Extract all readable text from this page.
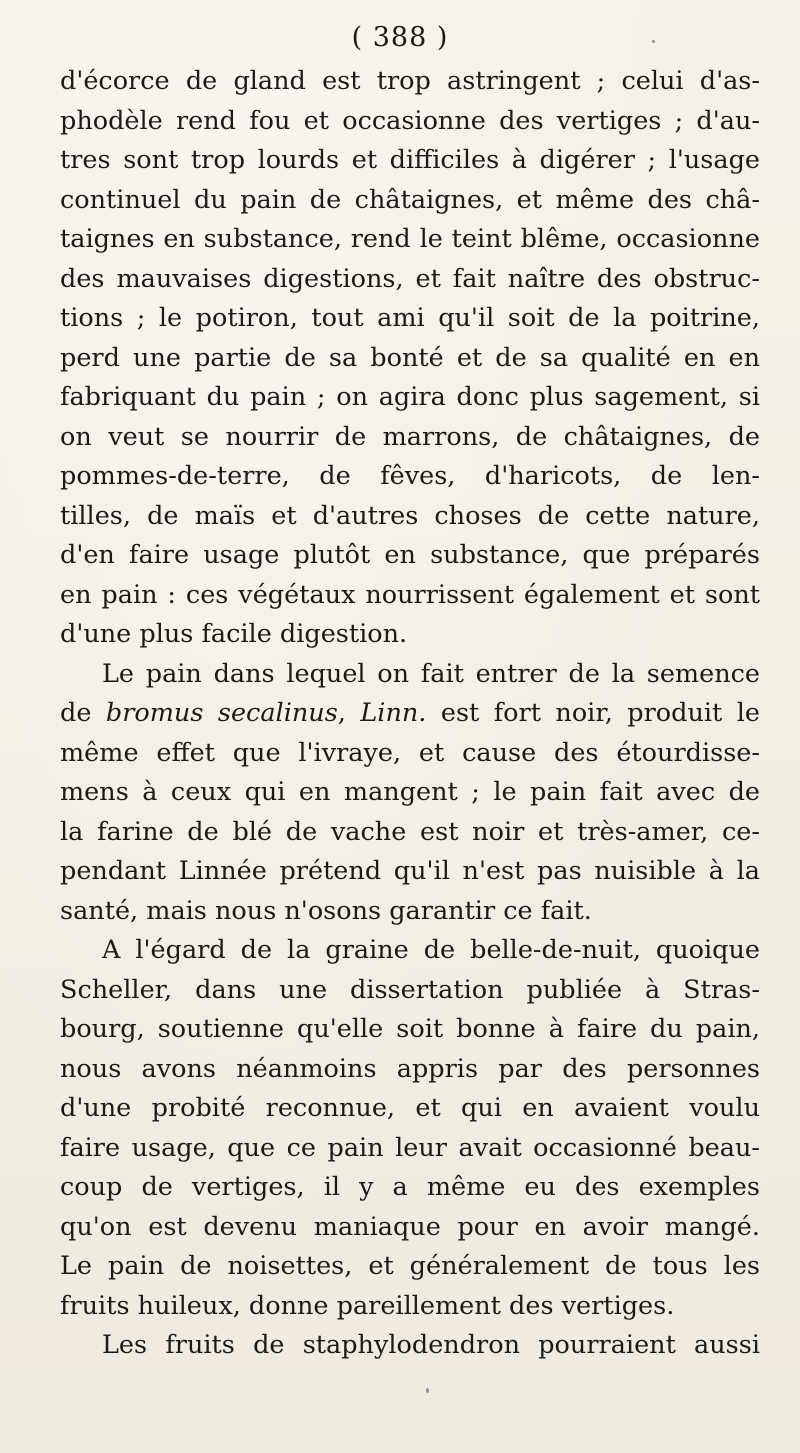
( 388 )
d'écorce de gland est trop astringent ; celui d'as-
phodèle rend fou et occasionne des vertiges ; d'au-
tres sont trop lourds et difficiles à digérer ; l'usage
continuel du pain de châtaignes, et même des châ-
taignes en substance, rend le teint blême, occasionne
des mauvaises digestions, et fait naître des obstruc-
tions ; le potiron, tout ami qu'il soit de la poitrine,
perd une partie de sa bonté et de sa qualité en en
fabriquant du pain ; on agira donc plus sagement, si
on veut se nourrir de marrons, de châtaignes, de
pommes-de-terre, de fêves, d'haricots, de len-
tilles, de maïs et d'autres choses de cette nature,
d'en faire usage plutôt en substance, que préparés
en pain : ces végétaux nourrissent également et sont
d'une plus facile digestion.
Le pain dans lequel on fait entrer de la semence
de bromus secalinus, Linn. est fort noir, produit le
même effet que l'ivraye, et cause des étourdisse-
mens à ceux qui en mangent ; le pain fait avec de
la farine de blé de vache est noir et très-amer, ce-
pendant Linnée prétend qu'il n'est pas nuisible à la
santé, mais nous n'osons garantir ce fait.
A l'égard de la graine de belle-de-nuit, quoique
Scheller, dans une dissertation publiée à Stras-
bourg, soutienne qu'elle soit bonne à faire du pain,
nous avons néanmoins appris par des personnes
d'une probité reconnue, et qui en avaient voulu
faire usage, que ce pain leur avait occasionné beau-
coup de vertiges, il y a même eu des exemples
qu'on est devenu maniaque pour en avoir mangé.
Le pain de noisettes, et généralement de tous les
fruits huileux, donne pareillement des vertiges.
Les fruits de staphylodendron pourraient aussi
